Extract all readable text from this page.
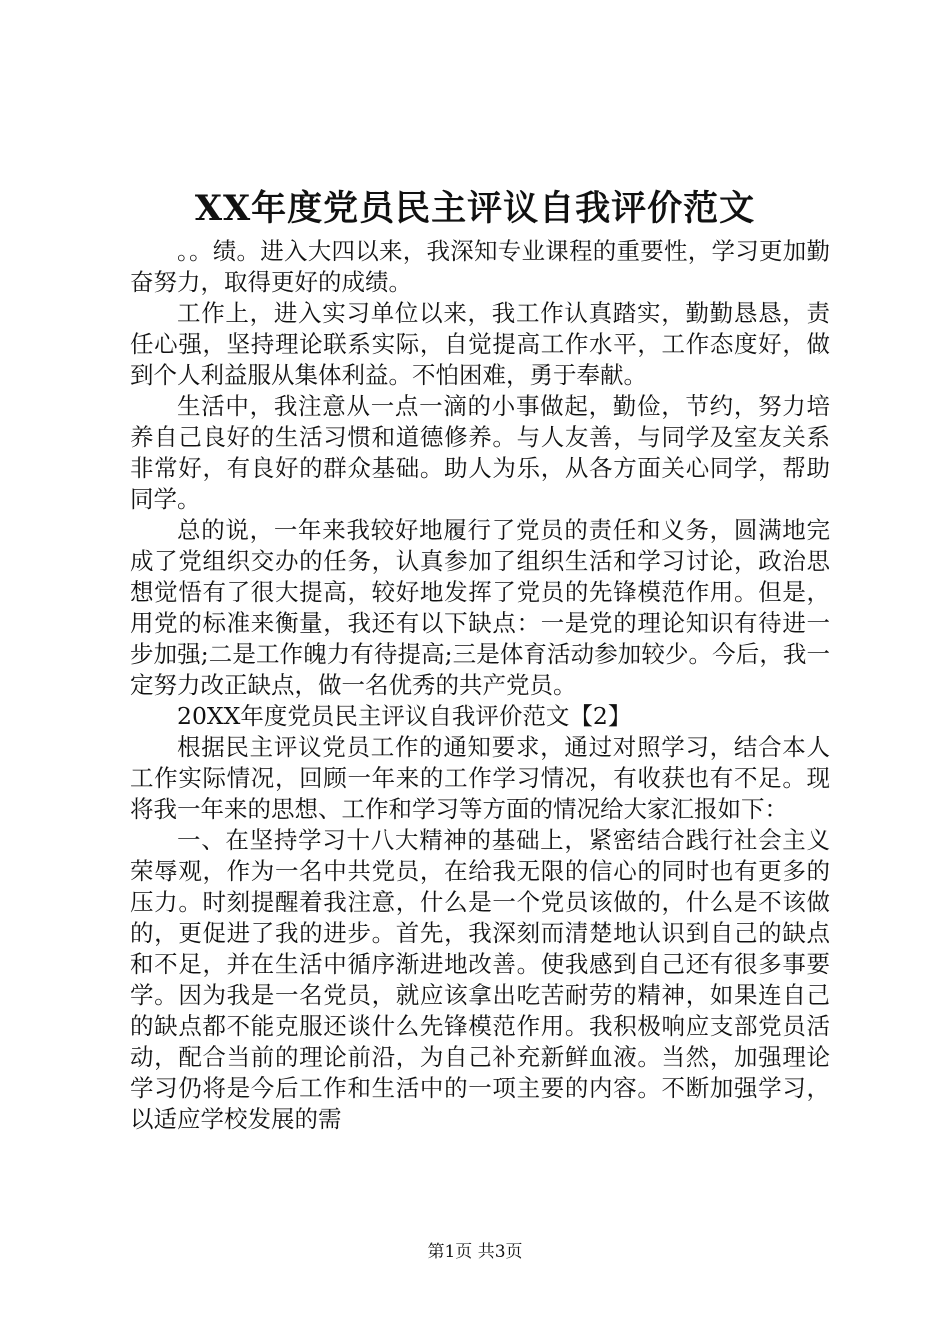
XX年度党员民主评议自我评价范文

。。绩。进入大四以来，我深知专业课程的重要性，学习更加勤奋努力，取得更好的成绩。

工作上，进入实习单位以来，我工作认真踏实，勤勤恳恳，责任心强，坚持理论联系实际，自觉提高工作水平，工作态度好，做到个人利益服从集体利益。不怕困难，勇于奉献。

生活中，我注意从一点一滴的小事做起，勤俭，节约，努力培养自己良好的生活习惯和道德修养。与人友善，与同学及室友关系非常好，有良好的群众基础。助人为乐，从各方面关心同学，帮助同学。

总的说，一年来我较好地履行了党员的责任和义务，圆满地完成了党组织交办的任务，认真参加了组织生活和学习讨论，政治思想觉悟有了很大提高，较好地发挥了党员的先锋模范作用。但是，用党的标准来衡量，我还有以下缺点：一是党的理论知识有待进一步加强;二是工作魄力有待提高;三是体育活动参加较少。今后，我一定努力改正缺点，做一名优秀的共产党员。

20XX年度党员民主评议自我评价范文【2】

根据民主评议党员工作的通知要求，通过对照学习，结合本人工作实际情况，回顾一年来的工作学习情况，有收获也有不足。现将我一年来的思想、工作和学习等方面的情况给大家汇报如下：

一、在坚持学习十八大精神的基础上，紧密结合践行社会主义荣辱观，作为一名中共党员，在给我无限的信心的同时也有更多的压力。时刻提醒着我注意，什么是一个党员该做的，什么是不该做的，更促进了我的进步。首先，我深刻而清楚地认识到自己的缺点和不足，并在生活中循序渐进地改善。使我感到自己还有很多事要学。因为我是一名党员，就应该拿出吃苦耐劳的精神，如果连自己的缺点都不能克服还谈什么先锋模范作用。我积极响应支部党员活动，配合当前的理论前沿，为自己补充新鲜血液。当然，加强理论学习仍将是今后工作和生活中的一项主要的内容。不断加强学习，以适应学校发展的需

第1页 共3页
